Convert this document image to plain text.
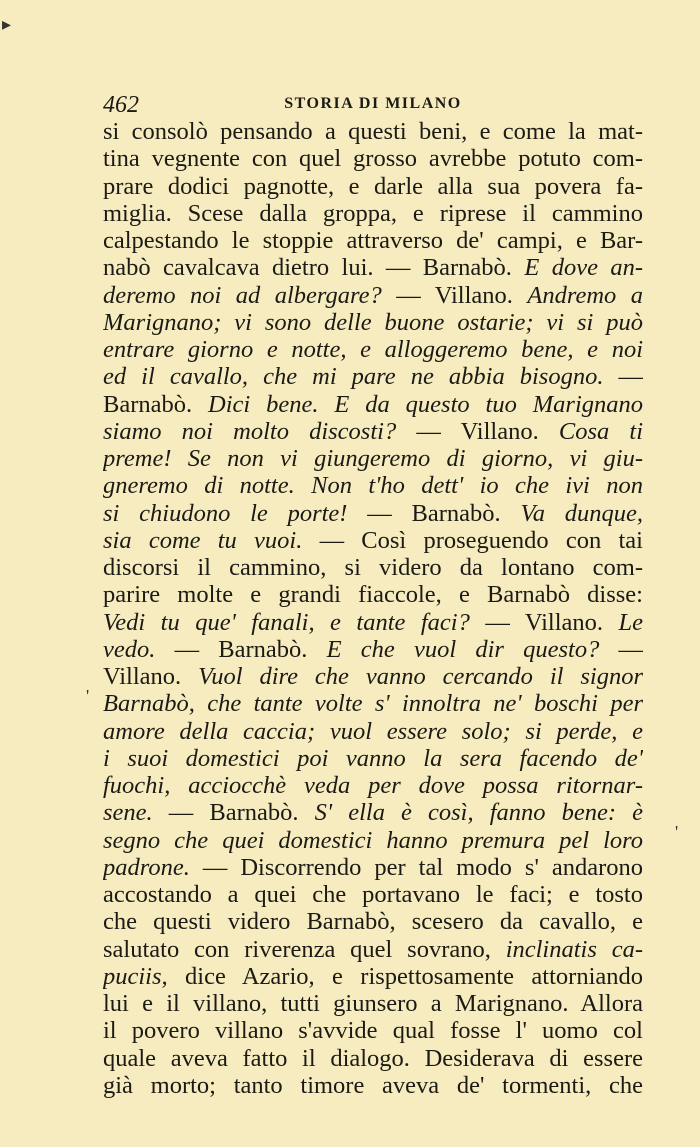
▸
'
'
462	STORIA DI MILANO
si consolò pensando a questi beni, e come la mat-
tina vegnente con quel grosso avrebbe potuto com-
prare dodici pagnotte, e darle alla sua povera fa-
miglia. Scese dalla groppa, e riprese il cammino
calpestando le stoppie attraverso de' campi, e Bar-
nabò cavalcava dietro lui. — Barnabò. E dove an-
deremo noi ad albergare? — Villano. Andremo a
Marignano; vi sono delle buone ostarie; vi si può
entrare giorno e notte, e alloggeremo bene, e noi
ed il cavallo, che mi pare ne abbia bisogno. —
Barnabò. Dici bene. E da questo tuo Marignano
siamo noi molto discosti? — Villano. Cosa ti
preme! Se non vi giungeremo di giorno, vi giu-
gneremo di notte. Non t'ho dett' io che ivi non
si chiudono le porte! — Barnabò. Va dunque,
sia come tu vuoi. — Così proseguendo con tai
discorsi il cammino, si videro da lontano com-
parire molte e grandi fiaccole, e Barnabò disse:
Vedi tu que' fanali, e tante faci? — Villano. Le
vedo. — Barnabò. E che vuol dir questo? —
Villano. Vuol dire che vanno cercando il signor
Barnabò, che tante volte s' innoltra ne' boschi per
amore della caccia; vuol essere solo; si perde, e
i suoi domestici poi vanno la sera facendo de'
fuochi, acciocchè veda per dove possa ritornar-
sene. — Barnabò. S' ella è così, fanno bene: è
segno che quei domestici hanno premura pel loro
padrone. — Discorrendo per tal modo s' andarono
accostando a quei che portavano le faci; e tosto
che questi videro Barnabò, scesero da cavallo, e
salutato con riverenza quel sovrano, inclinatis ca-
puciis, dice Azario, e rispettosamente attorniando
lui e il villano, tutti giunsero a Marignano. Allora
il povero villano s'avvide qual fosse l' uomo col
quale aveva fatto il dialogo. Desiderava di essere
già morto; tanto timore aveva de' tormenti, che
